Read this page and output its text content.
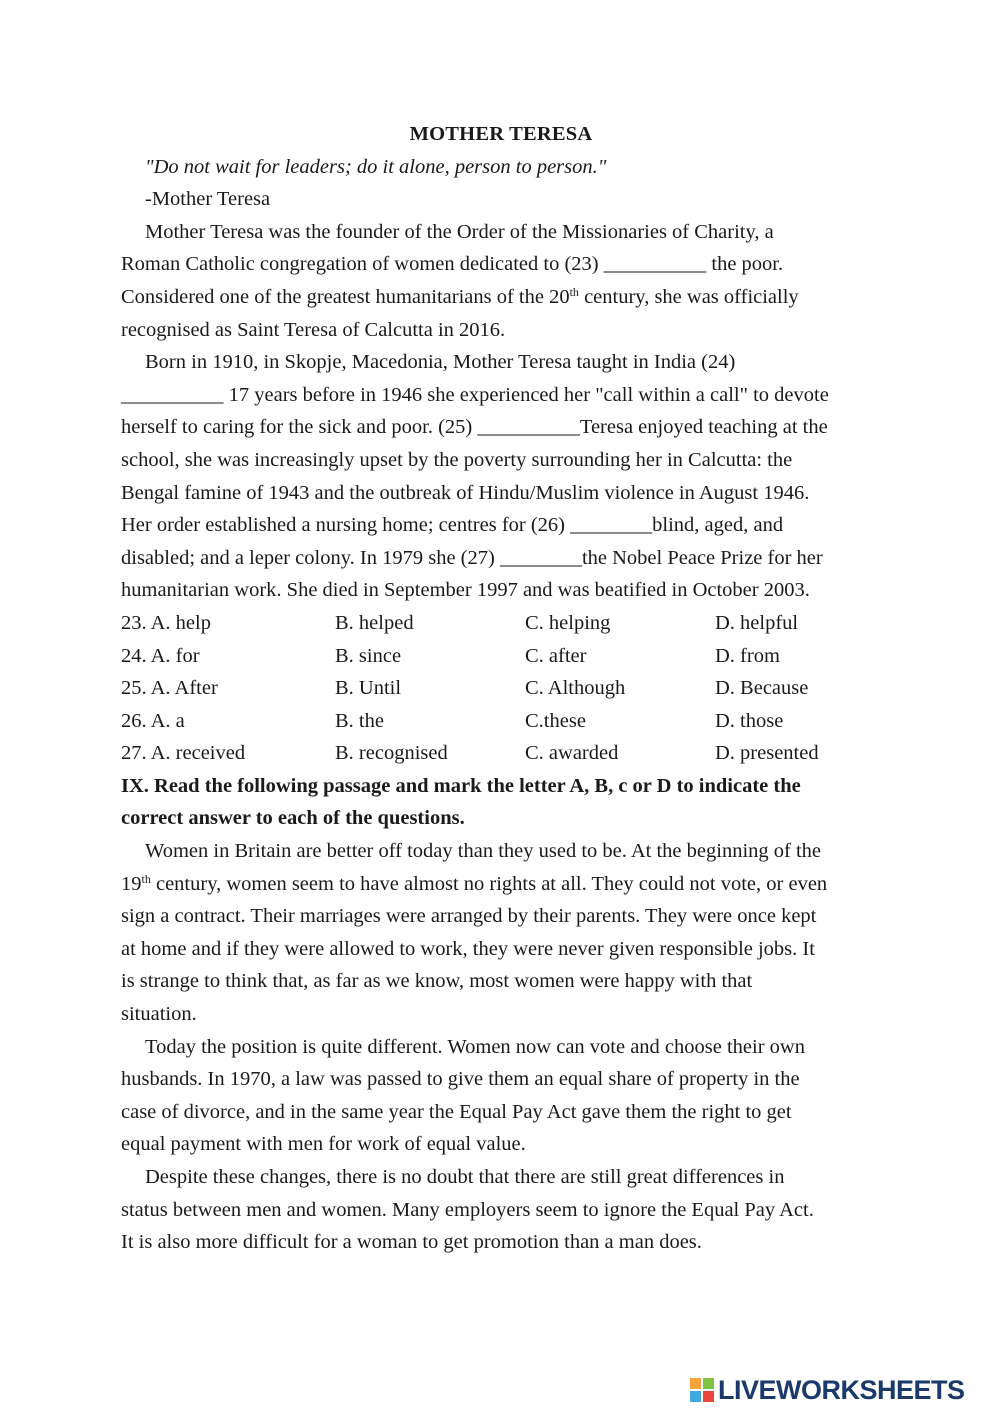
MOTHER TERESA
"Do not wait for leaders; do it alone, person to person."
-Mother Teresa
Mother Teresa was the founder of the Order of the Missionaries of Charity, a
Roman Catholic congregation of women dedicated to (23) __________ the poor.
Considered one of the greatest humanitarians of the 20th century, she was officially
recognised as Saint Teresa of Calcutta in 2016.
Born in 1910, in Skopje, Macedonia, Mother Teresa taught in India (24)
__________ 17 years before in 1946 she experienced her "call within a call" to devote
herself to caring for the sick and poor. (25) __________Teresa enjoyed teaching at the
school, she was increasingly upset by the poverty surrounding her in Calcutta: the
Bengal famine of 1943 and the outbreak of Hindu/Muslim violence in August 1946.
Her order established a nursing home; centres for (26) ________blind, aged, and
disabled; and a leper colony. In 1979 she (27) ________the Nobel Peace Prize for her
humanitarian work. She died in September 1997 and was beatified in October 2003.
23. A. help	B. helped	C. helping	D. helpful
24. A. for	B. since	C. after	D. from
25. A. After	B. Until	C. Although	D. Because
26. A. a	B. the	C.these	D. those
27. A. received	B. recognised	C. awarded	D. presented
IX. Read the following passage and mark the letter A, B, c or D to indicate the
correct answer to each of the questions.
Women in Britain are better off today than they used to be. At the beginning of the
19th century, women seem to have almost no rights at all. They could not vote, or even
sign a contract. Their marriages were arranged by their parents. They were once kept
at home and if they were allowed to work, they were never given responsible jobs. It
is strange to think that, as far as we know, most women were happy with that
situation.
Today the position is quite different. Women now can vote and choose their own
husbands. In 1970, a law was passed to give them an equal share of property in the
case of divorce, and in the same year the Equal Pay Act gave them the right to get
equal payment with men for work of equal value.
Despite these changes, there is no doubt that there are still great differences in
status between men and women. Many employers seem to ignore the Equal Pay Act.
It is also more difficult for a woman to get promotion than a man does.
LIVEWORKSHEETS
